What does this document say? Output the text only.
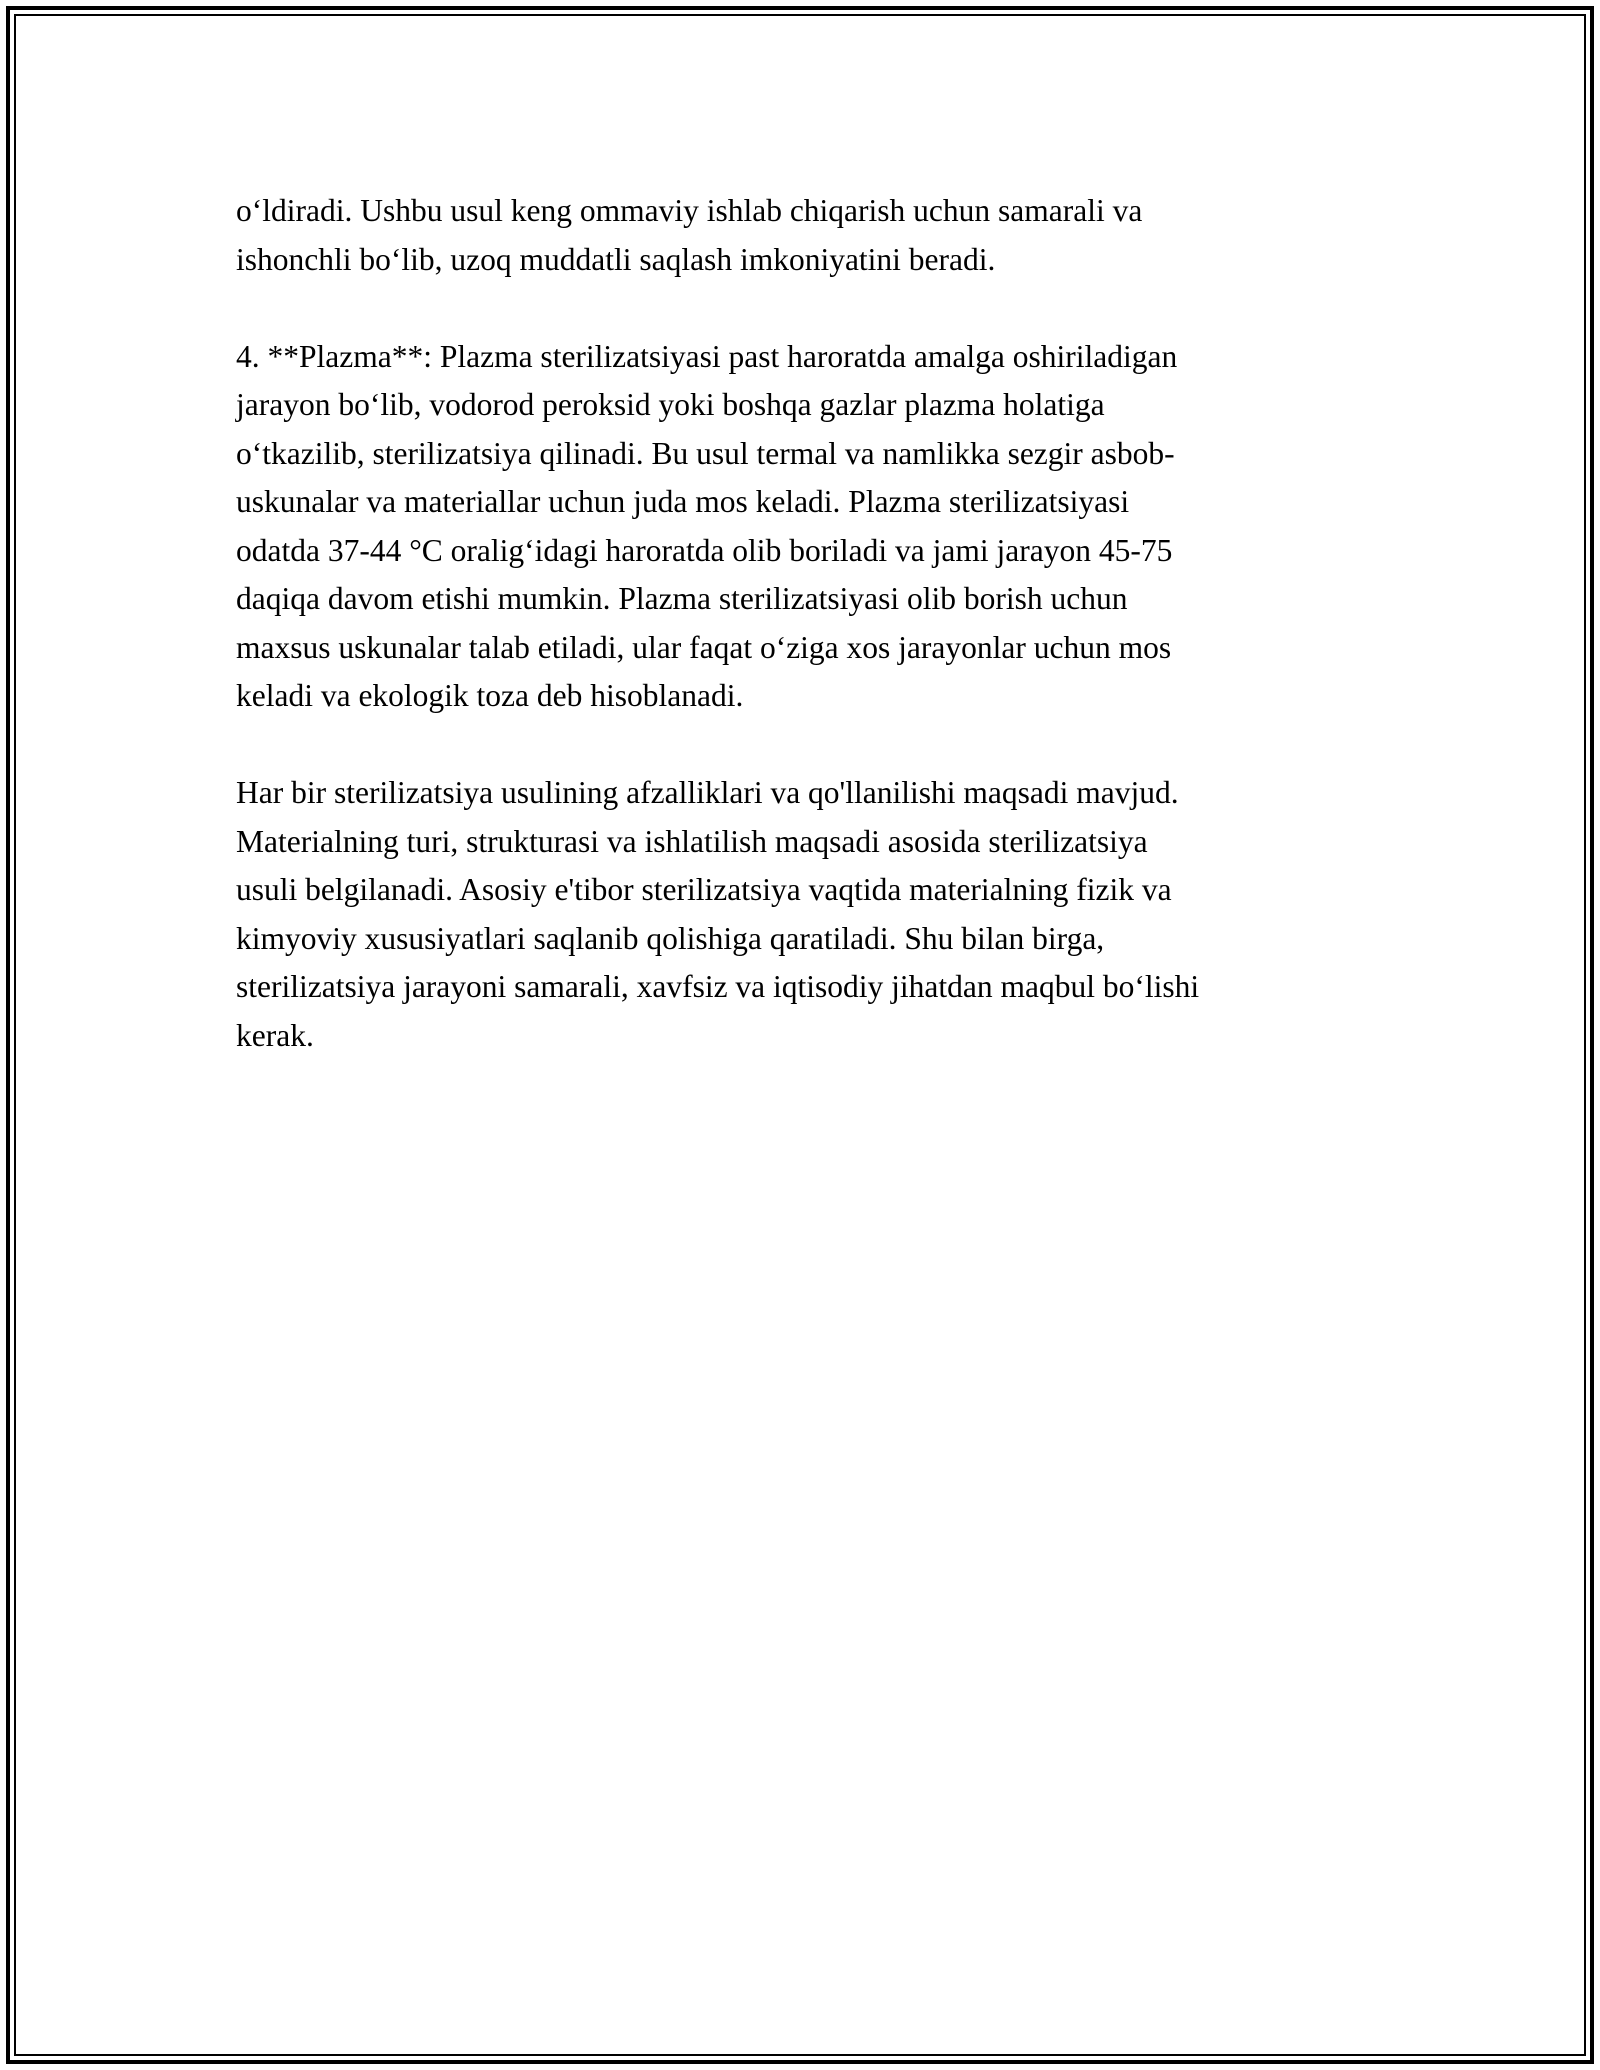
o‘ldiradi. Ushbu usul keng ommaviy ishlab chiqarish uchun samarali va
ishonchli bo‘lib, uzoq muddatli saqlash imkoniyatini beradi.

4. **Plazma**: Plazma sterilizatsiyasi past haroratda amalga oshiriladigan
jarayon bo‘lib, vodorod peroksid yoki boshqa gazlar plazma holatiga
o‘tkazilib, sterilizatsiya qilinadi. Bu usul termal va namlikka sezgir asbob-
uskunalar va materiallar uchun juda mos keladi. Plazma sterilizatsiyasi
odatda 37-44 °C oralig‘idagi haroratda olib boriladi va jami jarayon 45-75
daqiqa davom etishi mumkin. Plazma sterilizatsiyasi olib borish uchun
maxsus uskunalar talab etiladi, ular faqat o‘ziga xos jarayonlar uchun mos
keladi va ekologik toza deb hisoblanadi.

Har bir sterilizatsiya usulining afzalliklari va qo'llanilishi maqsadi mavjud.
Materialning turi, strukturasi va ishlatilish maqsadi asosida sterilizatsiya
usuli belgilanadi. Asosiy e'tibor sterilizatsiya vaqtida materialning fizik va
kimyoviy xususiyatlari saqlanib qolishiga qaratiladi. Shu bilan birga,
sterilizatsiya jarayoni samarali, xavfsiz va iqtisodiy jihatdan maqbul bo‘lishi
kerak.
